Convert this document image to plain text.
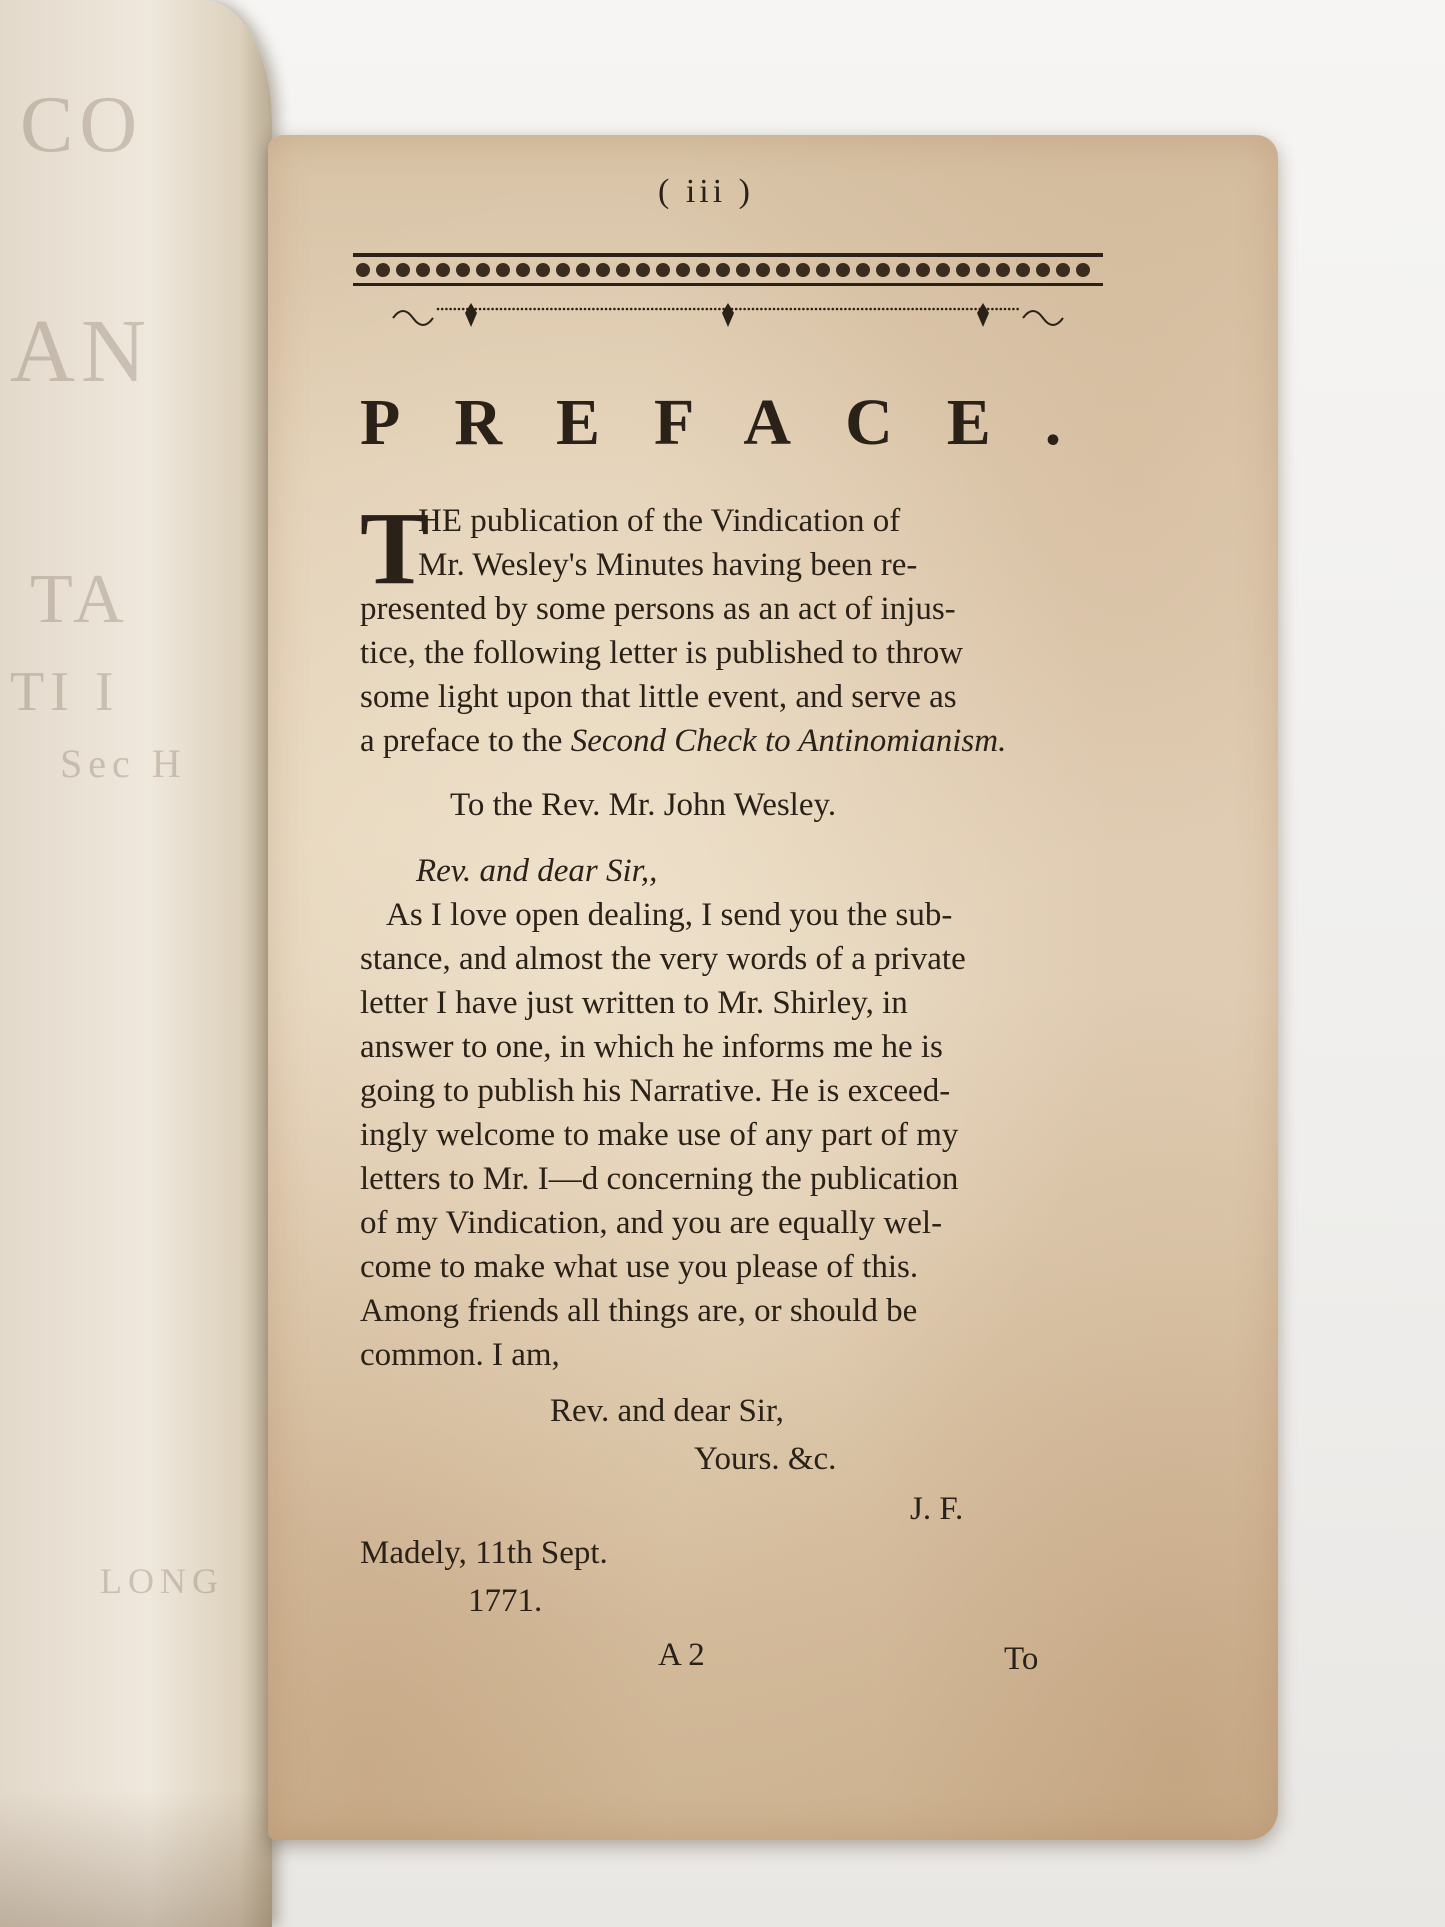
CO
AN
TA
TI I
Sec H
LONG
( iii )
PREFACE.
T
HE publication of the Vindication of
Mr. Wesley's Minutes having been re-
presented by some persons as an act of injus-
tice, the following letter is published to throw
some light upon that little event, and serve as
a preface to the Second Check to Antinomianism.
To the Rev. Mr. John Wesley.
Rev. and dear Sir,,
As I love open dealing, I send you the sub-
stance, and almost the very words of a private
letter I have just written to Mr. Shirley, in
answer to one, in which he informs me he is
going to publish his Narrative. He is exceed-
ingly welcome to make use of any part of my
letters to Mr. I—d concerning the publication
of my Vindication, and you are equally wel-
come to make what use you please of this.
Among friends all things are, or should be
common. I am,
Rev. and dear Sir,
Yours. &c.
J. F.
Madely, 11th Sept.
1771.
A 2	To
